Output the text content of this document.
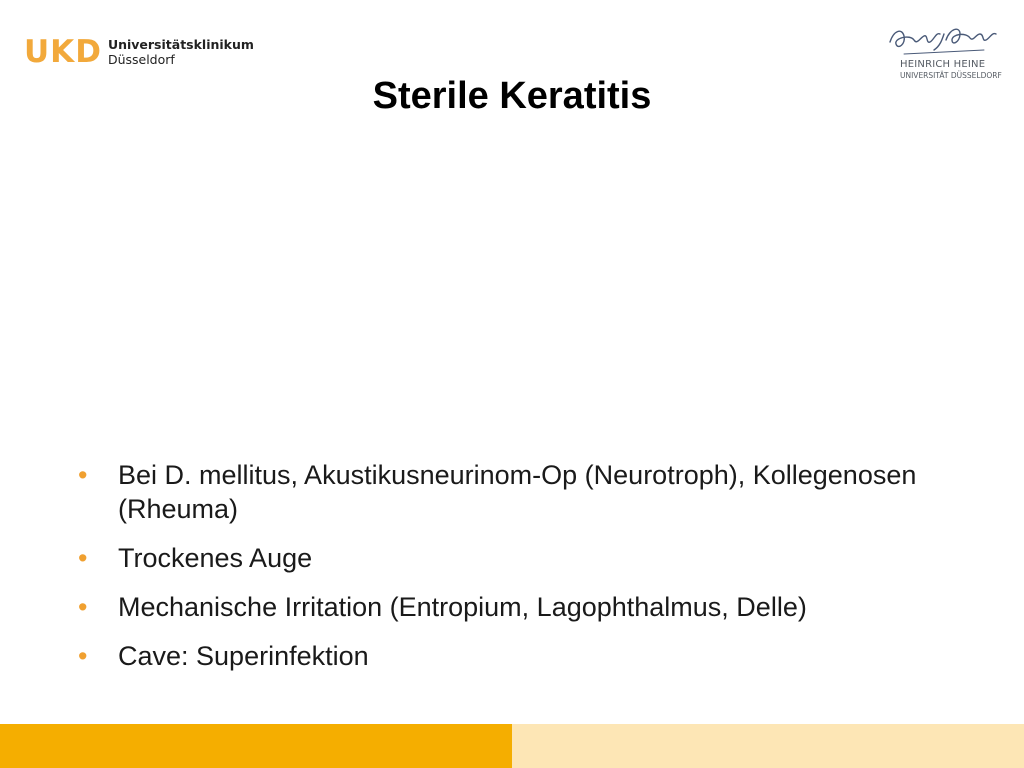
UKD Universitätsklinikum
Düsseldorf	HEINRICH HEINE
UNIVERSITÄT DÜSSELDORF
Sterile Keratitis
• Bei D. mellitus, Akustikusneurinom-Op (Neurotroph), Kollegenosen (Rheuma)
• Trockenes Auge
• Mechanische Irritation (Entropium, Lagophthalmus, Delle)
• Cave: Superinfektion
